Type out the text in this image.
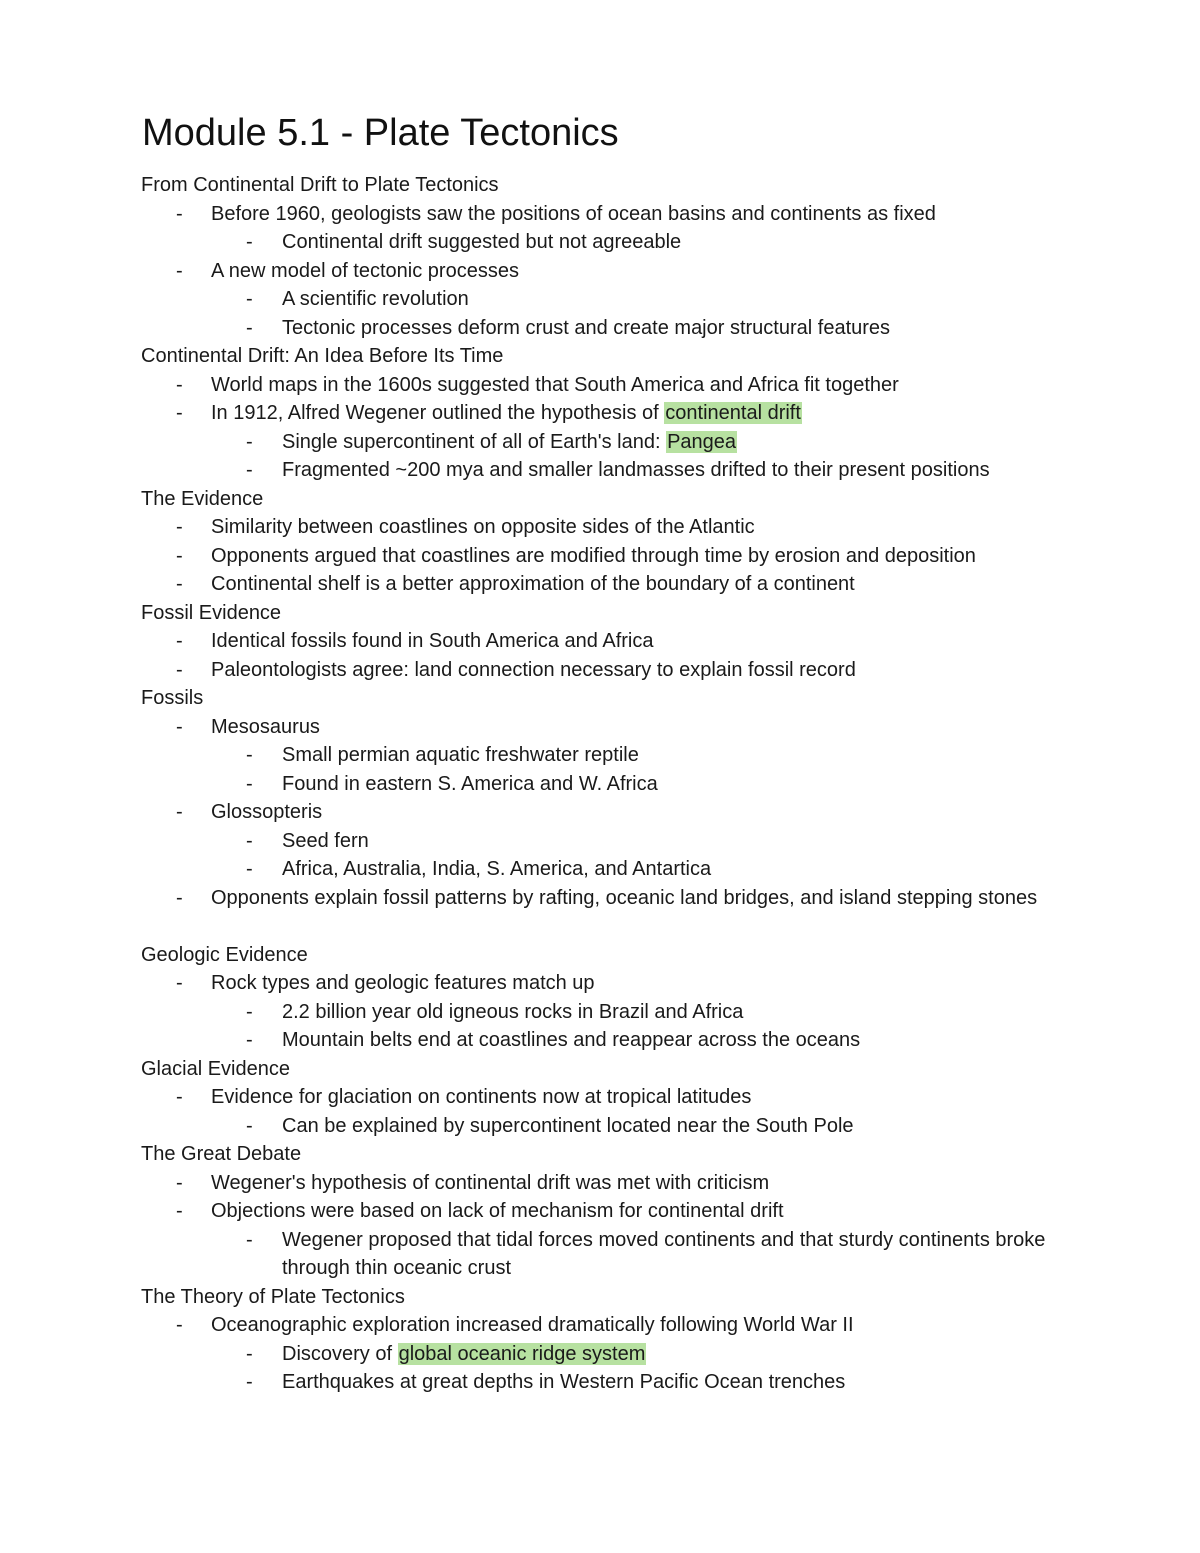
Module 5.1 - Plate Tectonics
From Continental Drift to Plate Tectonics
- Before 1960, geologists saw the positions of ocean basins and continents as fixed
- Continental drift suggested but not agreeable
- A new model of tectonic processes
- A scientific revolution
- Tectonic processes deform crust and create major structural features
Continental Drift: An Idea Before Its Time
- World maps in the 1600s suggested that South America and Africa fit together
- In 1912, Alfred Wegener outlined the hypothesis of continental drift
- Single supercontinent of all of Earth's land: Pangea
- Fragmented ~200 mya and smaller landmasses drifted to their present positions
The Evidence
- Similarity between coastlines on opposite sides of the Atlantic
- Opponents argued that coastlines are modified through time by erosion and deposition
- Continental shelf is a better approximation of the boundary of a continent
Fossil Evidence
- Identical fossils found in South America and Africa
- Paleontologists agree: land connection necessary to explain fossil record
Fossils
- Mesosaurus
- Small permian aquatic freshwater reptile
- Found in eastern S. America and W. Africa
- Glossopteris
- Seed fern
- Africa, Australia, India, S. America, and Antartica
- Opponents explain fossil patterns by rafting, oceanic land bridges, and island stepping stones
Geologic Evidence
- Rock types and geologic features match up
- 2.2 billion year old igneous rocks in Brazil and Africa
- Mountain belts end at coastlines and reappear across the oceans
Glacial Evidence
- Evidence for glaciation on continents now at tropical latitudes
- Can be explained by supercontinent located near the South Pole
The Great Debate
- Wegener's hypothesis of continental drift was met with criticism
- Objections were based on lack of mechanism for continental drift
- Wegener proposed that tidal forces moved continents and that sturdy continents broke through thin oceanic crust
The Theory of Plate Tectonics
- Oceanographic exploration increased dramatically following World War II
- Discovery of global oceanic ridge system
- Earthquakes at great depths in Western Pacific Ocean trenches
